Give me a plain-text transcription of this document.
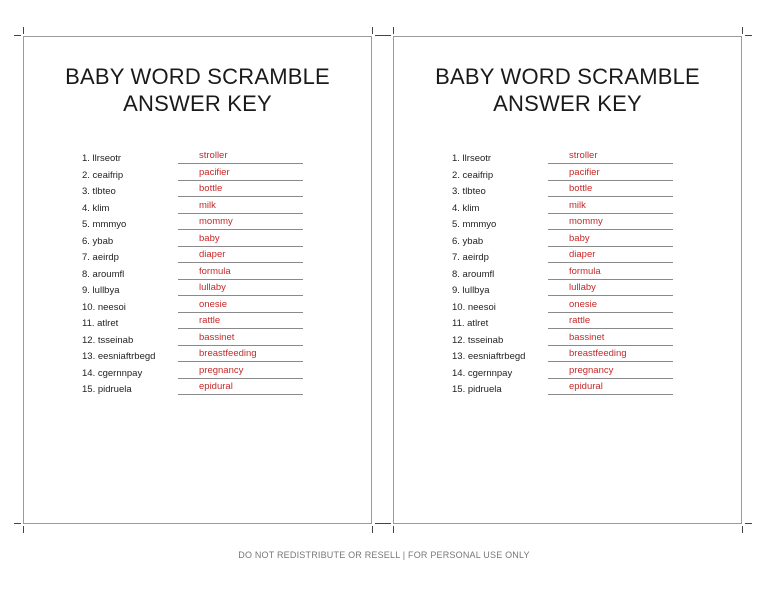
BABY WORD SCRAMBLE
ANSWER KEY
1. llrseotr	stroller
2. ceaifrip	pacifier
3. tlbteo	bottle
4. klim	milk
5. mmmyo	mommy
6. ybab	baby
7. aeirdp	diaper
8. aroumfl	formula
9. lullbya	lullaby
10. neesoi	onesie
11. atlret	rattle
12. tsseinab	bassinet
13. eesniaftrbegd	breastfeeding
14. cgernnpay	pregnancy
15. pidruela	epidural
BABY WORD SCRAMBLE
ANSWER KEY
1. llrseotr	stroller
2. ceaifrip	pacifier
3. tlbteo	bottle
4. klim	milk
5. mmmyo	mommy
6. ybab	baby
7. aeirdp	diaper
8. aroumfl	formula
9. lullbya	lullaby
10. neesoi	onesie
11. atlret	rattle
12. tsseinab	bassinet
13. eesniaftrbegd	breastfeeding
14. cgernnpay	pregnancy
15. pidruela	epidural
DO NOT REDISTRIBUTE OR RESELL | FOR PERSONAL USE ONLY
